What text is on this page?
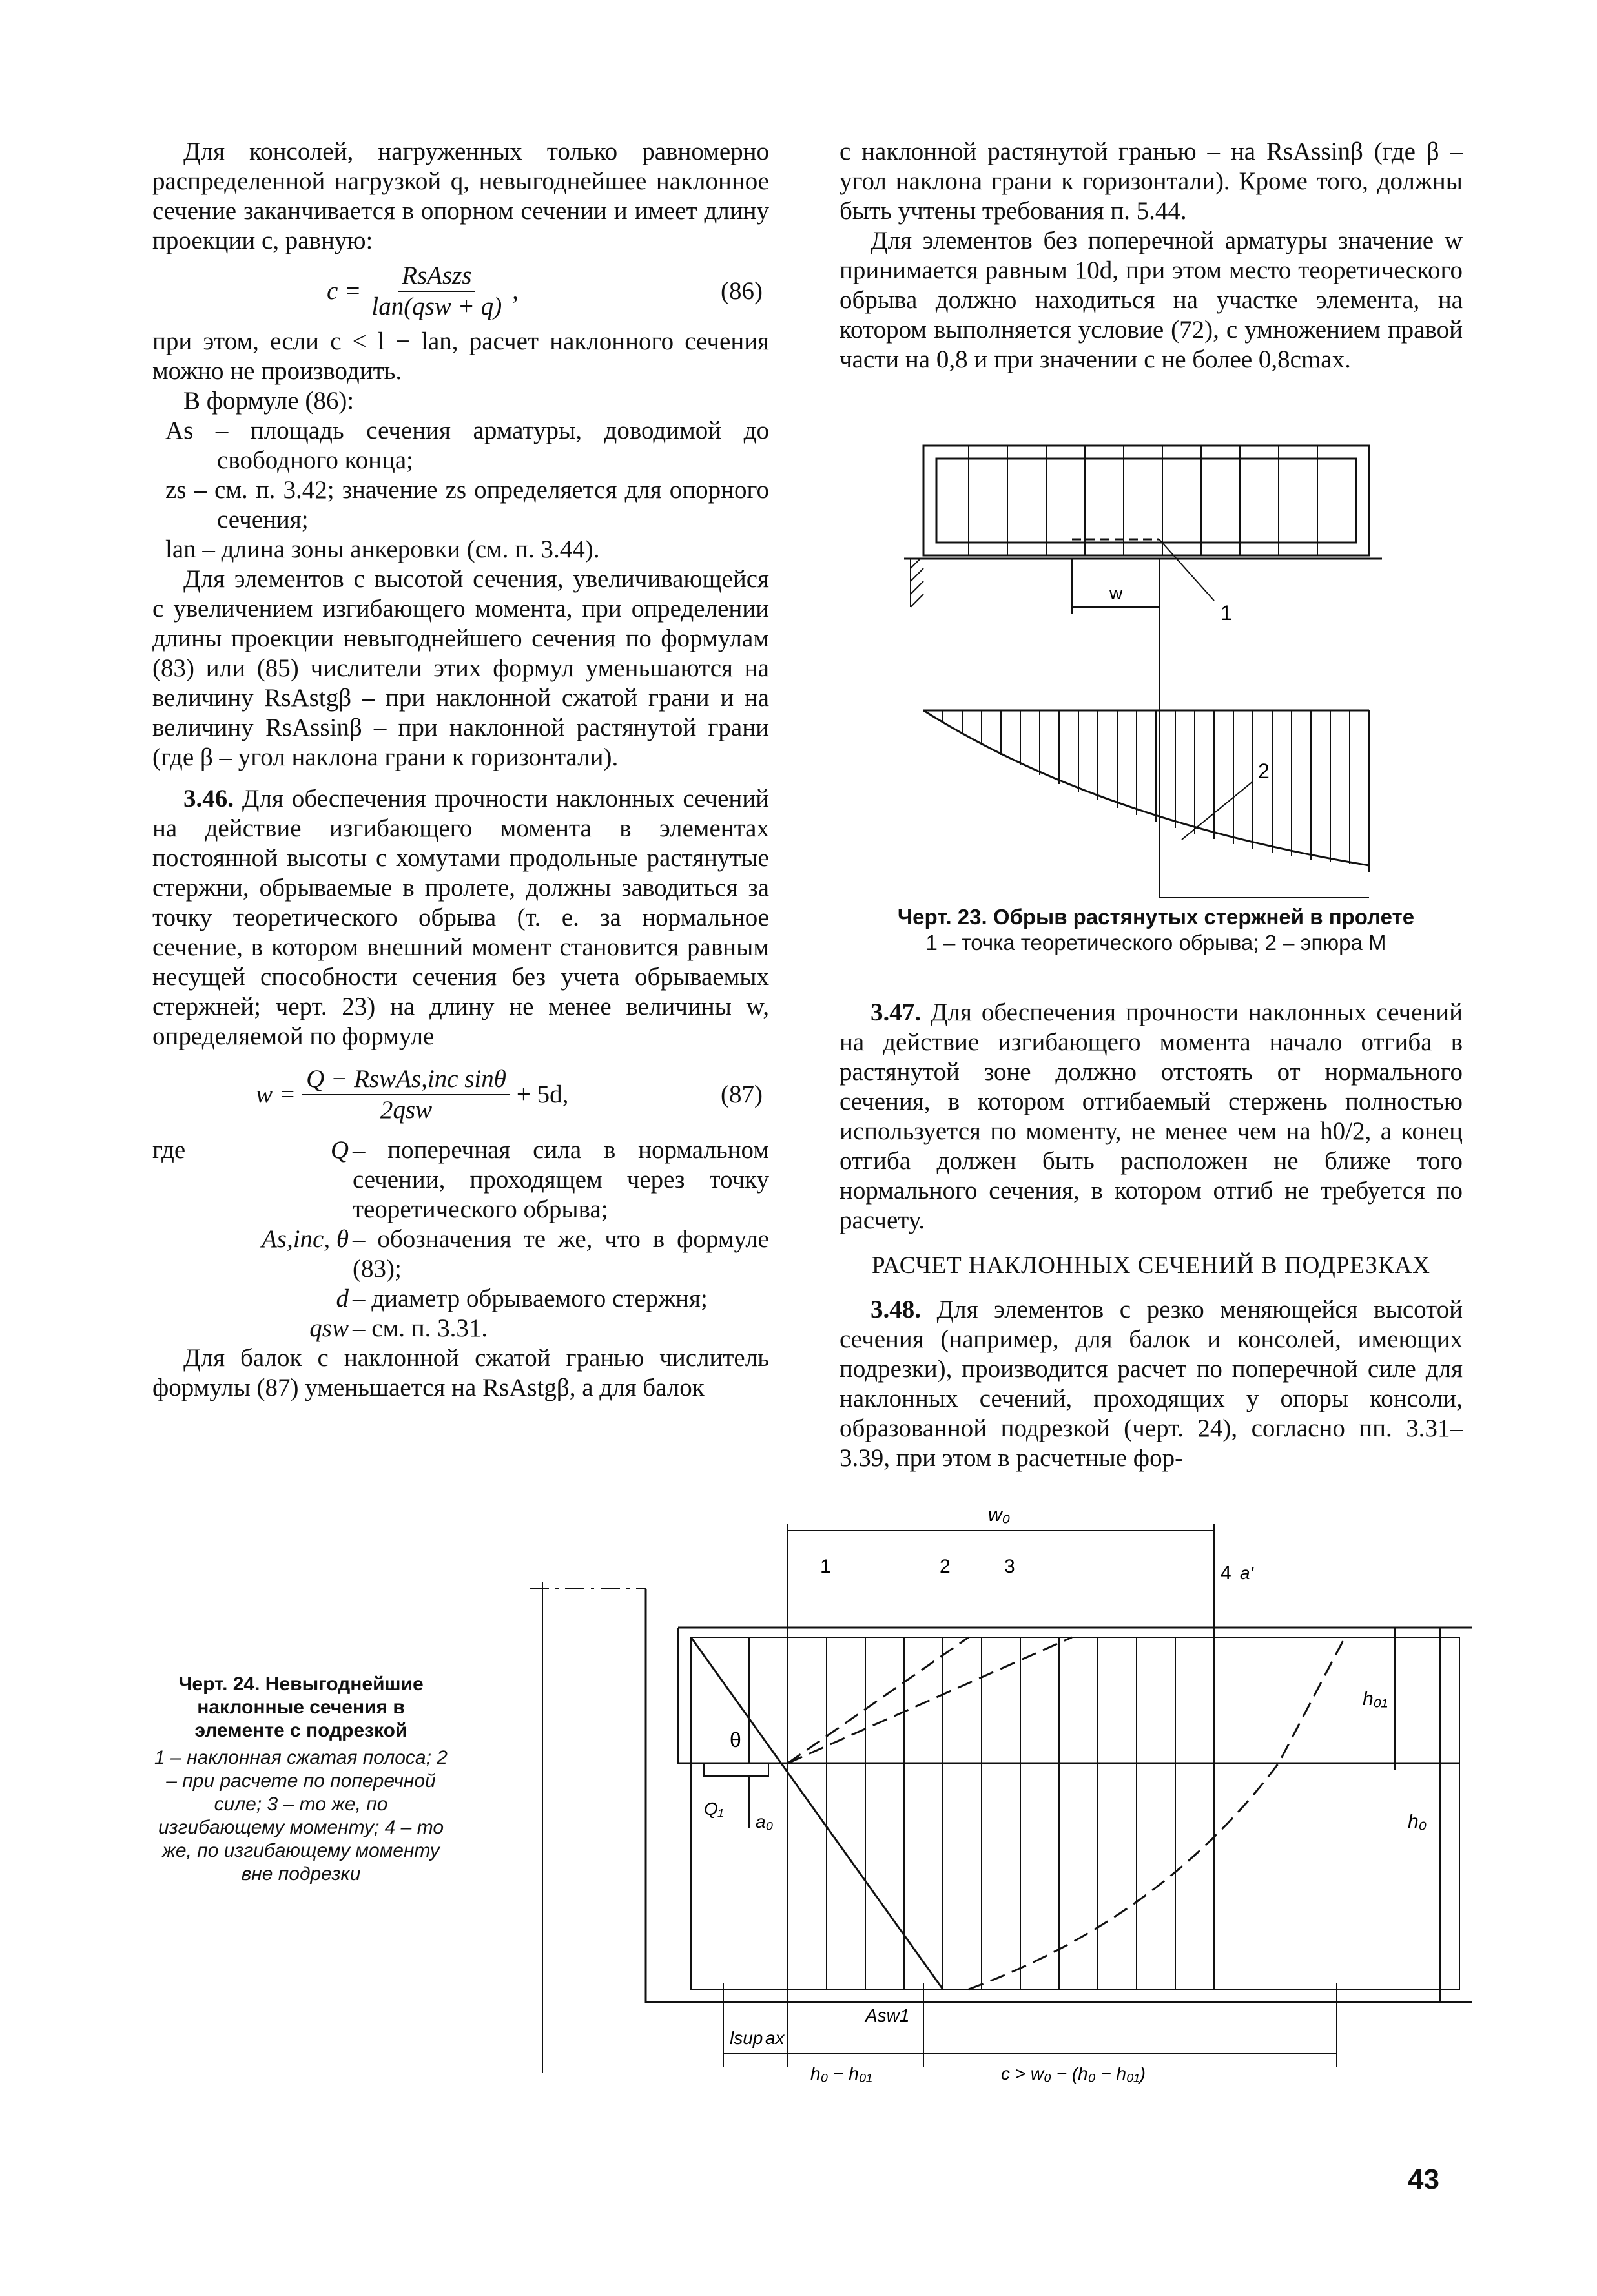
Для консолей, нагруженных только равномерно распределенной нагрузкой q, невыгоднейшее наклонное сечение заканчивается в опорном сечении и имеет длину проекции c, равную:

$c = \frac{\text{RsAszs}}{\text{lan(qsw + q)}}$ ,	(86)

при этом, если c < l − lan, расчет наклонного сечения можно не производить.

В формуле (86):

As – площадь сечения арматуры, доводимой до свободного конца;

zs – см. п. 3.42; значение zs определяется для опорного сечения;

lan – длина зоны анкеровки (см. п. 3.44).

Для элементов с высотой сечения, увеличивающейся с увеличением изгибающего момента, при определении длины проекции невыгоднейшего сечения по формулам (83) или (85) числители этих формул уменьшаются на величину RsAstgβ – при наклонной сжатой грани и на величину RsAssinβ – при наклонной растянутой грани (где β – угол наклона грани к горизонтали).

3.46. Для обеспечения прочности наклонных сечений на действие изгибающего момента в элементах постоянной высоты с хомутами продольные растянутые стержни, обрываемые в пролете, должны заводиться за точку теоретического обрыва (т. е. за нормальное сечение, в котором внешний момент становится равным несущей способности сечения без учета обрываемых стержней; черт. 23) на длину не менее величины w, определяемой по формуле

$w = \frac{\text{Q − RswAs,inc sinθ}}{\text{2qsw}} + 5d$,	(87)
где	Q – поперечная сила в нормальном сечении, проходящем через точку теоретического обрыва;
As,inc, θ – обозначения те же, что в формуле (83);
d – диаметр обрываемого стержня;
qsw – см. п. 3.31.

Для балок с наклонной сжатой гранью числитель формулы (87) уменьшается на RsAstgβ, а для балок

с наклонной растянутой гранью – на RsAssinβ (где β – угол наклона грани к горизонтали). Кроме того, должны быть учтены требования п. 5.44.

Для элементов без поперечной арматуры значение w принимается равным 10d, при этом место теоретического обрыва должно находиться на участке элемента, на котором выполняется условие (72), с умножением правой части на 0,8 и при значении c не более 0,8cmax.

w
1
2
Черт. 23. Обрыв растянутых стержней в пролете
1 – точка теоретического обрыва; 2 – эпюра M

3.47. Для обеспечения прочности наклонных сечений на действие изгибающего момента начало отгиба в растянутой зоне должно отстоять от нормального сечения, в котором отгибаемый стержень полностью используется по моменту, не менее чем на h0/2, а конец отгиба должен быть расположен не ближе того нормального сечения, в котором отгиб не требуется по расчету.

РАСЧЕТ НАКЛОННЫХ СЕЧЕНИЙ В ПОДРЕЗКАХ

3.48. Для элементов с резко меняющейся высотой сечения (например, для балок и консолей, имеющих подрезки), производится расчет по поперечной силе для наклонных сечений, проходящих у опоры консоли, образованной подрезкой (черт. 24), согласно пп. 3.31–3.39, при этом в расчетные фор-

w₀
1	2	3	4 a'
h₀₁
h₀
θ
Q₁
a₀
lsup ax
Asw1
h₀ − h₀₁	c > w₀ − (h₀ − h₀₁)
Черт. 24. Невыгоднейшие наклонные сечения в элементе с подрезкой
1 – наклонная сжатая полоса; 2 – при расчете по поперечной силе; 3 – то же, по изгибающему моменту; 4 – то же, по изгибающему моменту вне подрезки
43
